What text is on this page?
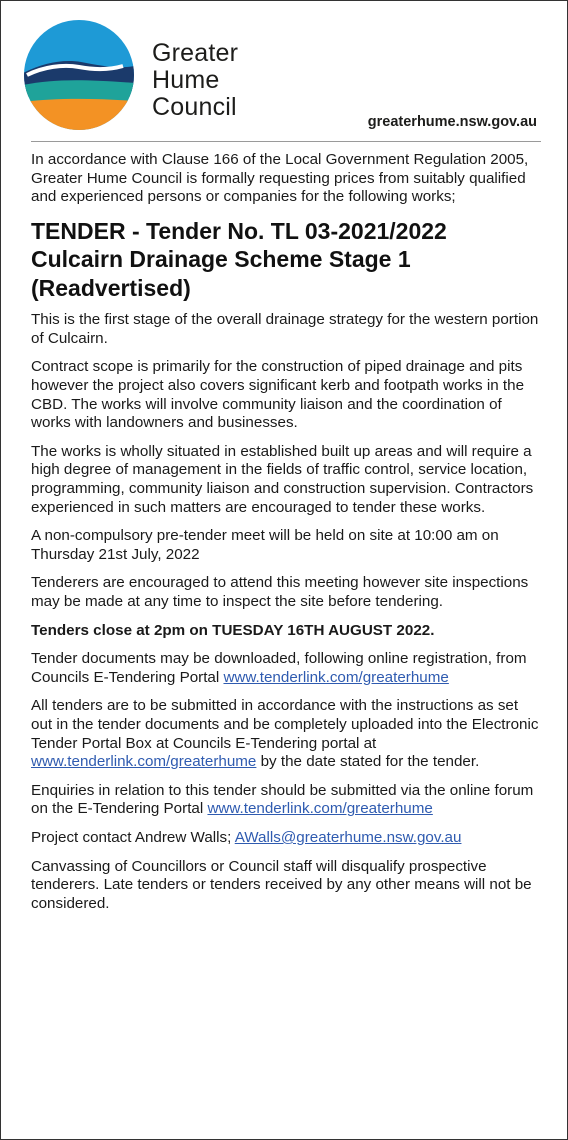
Greater
Hume
Council
greaterhume.nsw.gov.au

In accordance with Clause 166 of the Local Government Regulation 2005, Greater Hume Council is formally requesting prices from suitably qualified and experienced persons or companies for the following works;

TENDER - Tender No. TL 03-2021/2022
Culcairn Drainage Scheme Stage 1
(Readvertised)

This is the first stage of the overall drainage strategy for the western portion of Culcairn.

Contract scope is primarily for the construction of piped drainage and pits however the project also covers significant kerb and footpath works in the CBD. The works will involve community liaison and the coordination of works with landowners and businesses.

The works is wholly situated in established built up areas and will require a high degree of management in the fields of traffic control, service location, programming, community liaison and construction supervision. Contractors experienced in such matters are encouraged to tender these works.

A non-compulsory pre-tender meet will be held on site at 10:00 am on Thursday 21st July, 2022

Tenderers are encouraged to attend this meeting however site inspections may be made at any time to inspect the site before tendering.

Tenders close at 2pm on TUESDAY 16TH AUGUST 2022.

Tender documents may be downloaded, following online registration, from Councils E-Tendering Portal www.tenderlink.com/greaterhume

All tenders are to be submitted in accordance with the instructions as set out in the tender documents and be completely uploaded into the Electronic Tender Portal Box at Councils E-Tendering portal at www.tenderlink.com/greaterhume by the date stated for the tender.

Enquiries in relation to this tender should be submitted via the online forum on the E-Tendering Portal www.tenderlink.com/greaterhume

Project contact Andrew Walls; AWalls@greaterhume.nsw.gov.au

Canvassing of Councillors or Council staff will disqualify prospective tenderers. Late tenders or tenders received by any other means will not be considered.
